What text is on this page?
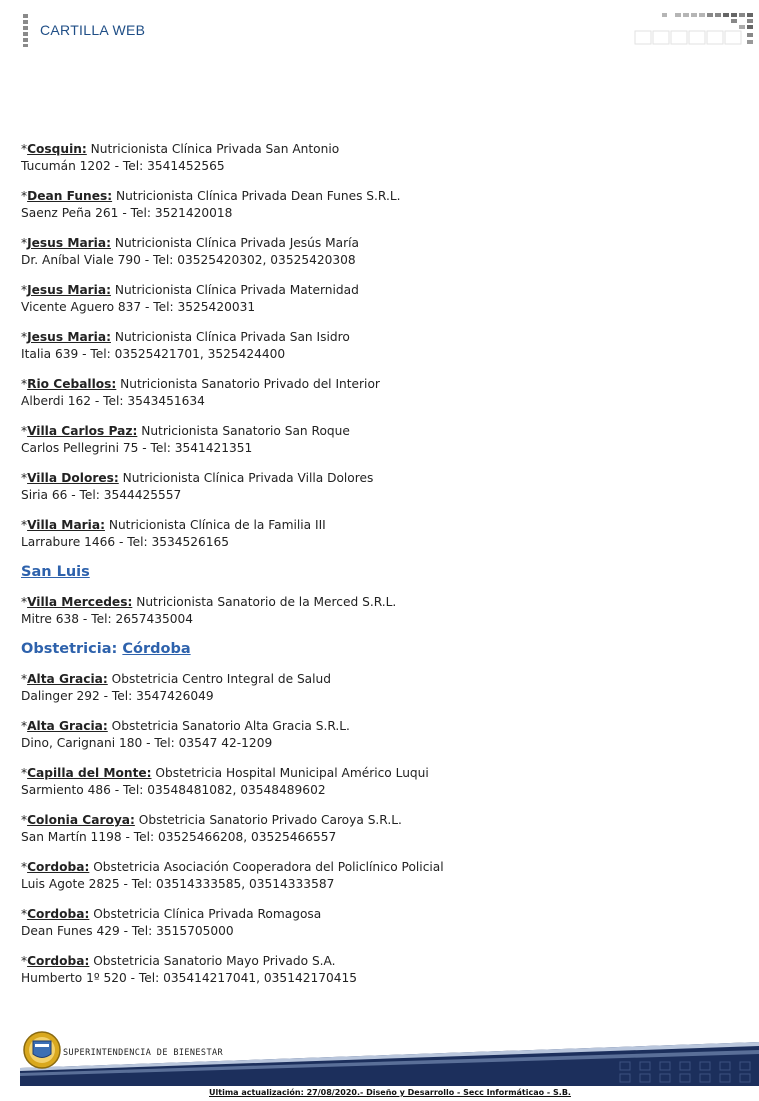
CARTILLA WEB
*Cosquin: Nutricionista Clínica Privada San Antonio
Tucumán 1202 - Tel: 3541452565
*Dean Funes: Nutricionista Clínica Privada Dean Funes S.R.L.
Saenz Peña 261 - Tel: 3521420018
*Jesus Maria: Nutricionista Clínica Privada Jesús María
Dr. Aníbal Viale 790 - Tel: 03525420302, 03525420308
*Jesus Maria: Nutricionista Clínica Privada Maternidad
Vicente Aguero 837 - Tel: 3525420031
*Jesus Maria: Nutricionista Clínica Privada San Isidro
Italia 639 - Tel: 03525421701, 3525424400
*Rio Ceballos: Nutricionista Sanatorio Privado del Interior
Alberdi 162 - Tel: 3543451634
*Villa Carlos Paz: Nutricionista Sanatorio San Roque
Carlos Pellegrini 75 - Tel: 3541421351
*Villa Dolores: Nutricionista Clínica Privada Villa Dolores
Siria 66 - Tel: 3544425557
*Villa Maria: Nutricionista Clínica de la Familia III
Larrabure 1466 - Tel: 3534526165
San Luis
*Villa Mercedes: Nutricionista Sanatorio de la Merced S.R.L.
Mitre 638 - Tel: 2657435004
Obstetricia: Córdoba
*Alta Gracia: Obstetricia Centro Integral de Salud
Dalinger 292 - Tel: 3547426049
*Alta Gracia: Obstetricia Sanatorio Alta Gracia S.R.L.
Dino, Carignani 180 - Tel: 03547 42-1209
*Capilla del Monte: Obstetricia Hospital Municipal Américo Luqui
Sarmiento 486 - Tel: 03548481082, 03548489602
*Colonia Caroya: Obstetricia Sanatorio Privado Caroya S.R.L.
San Martín 1198 - Tel: 03525466208, 03525466557
*Cordoba: Obstetricia Asociación Cooperadora del Policlínico Policial
Luis Agote 2825 - Tel: 03514333585, 03514333587
*Cordoba: Obstetricia Clínica Privada Romagosa
Dean Funes 429 - Tel: 3515705000
*Cordoba: Obstetricia Sanatorio Mayo Privado S.A.
Humberto 1º 520 - Tel: 035414217041, 035142170415
SUPERINTENDENCIA DE BIENESTAR
Ultima actualización: 27/08/2020.- Diseño y Desarrollo - Secc Informáticao - S.B.
